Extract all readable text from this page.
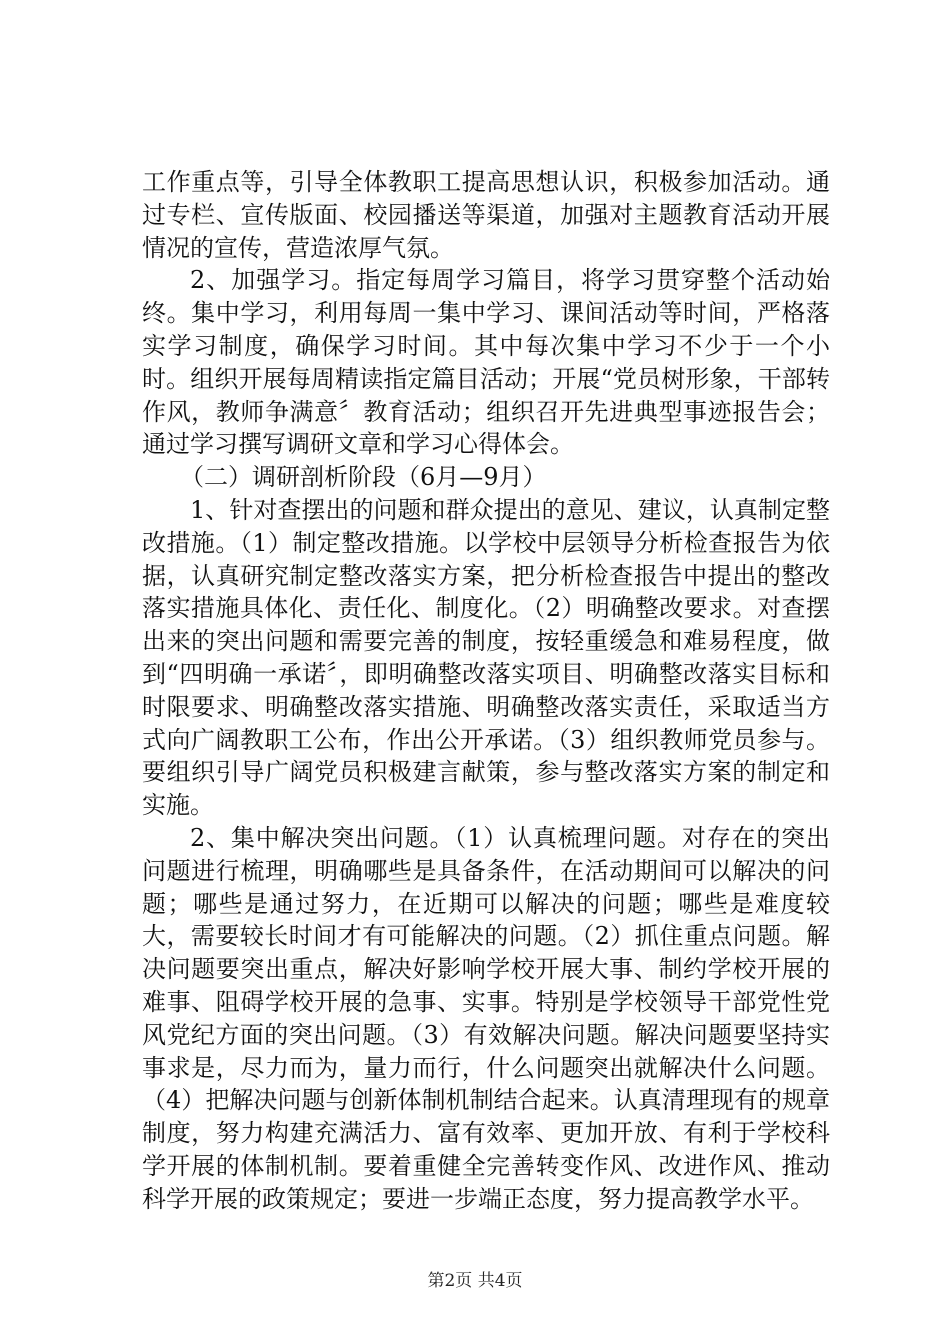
工作重点等，引导全体教职工提高思想认识，积极参加活动。通过专栏、宣传版面、校园播送等渠道，加强对主题教育活动开展情况的宣传，营造浓厚气氛。

2、加强学习。指定每周学习篇目，将学习贯穿整个活动始终。集中学习，利用每周一集中学习、课间活动等时间，严格落实学习制度，确保学习时间。其中每次集中学习不少于一个小时。组织开展每周精读指定篇目活动；开展“党员树形象，干部转作风，教师争满意〞教育活动；组织召开先进典型事迹报告会；通过学习撰写调研文章和学习心得体会。

（二）调研剖析阶段（6月—9月）

1、针对查摆出的问题和群众提出的意见、建议，认真制定整改措施。（1）制定整改措施。以学校中层领导分析检查报告为依据，认真研究制定整改落实方案，把分析检查报告中提出的整改落实措施具体化、责任化、制度化。（2）明确整改要求。对查摆出来的突出问题和需要完善的制度，按轻重缓急和难易程度，做到“四明确一承诺〞，即明确整改落实项目、明确整改落实目标和时限要求、明确整改落实措施、明确整改落实责任，采取适当方式向广阔教职工公布，作出公开承诺。（3）组织教师党员参与。要组织引导广阔党员积极建言献策，参与整改落实方案的制定和实施。

2、集中解决突出问题。（1）认真梳理问题。对存在的突出问题进行梳理，明确哪些是具备条件，在活动期间可以解决的问题；哪些是通过努力，在近期可以解决的问题；哪些是难度较大，需要较长时间才有可能解决的问题。（2）抓住重点问题。解决问题要突出重点，解决好影响学校开展大事、制约学校开展的难事、阻碍学校开展的急事、实事。特别是学校领导干部党性党风党纪方面的突出问题。（3）有效解决问题。解决问题要坚持实事求是，尽力而为，量力而行，什么问题突出就解决什么问题。（4）把解决问题与创新体制机制结合起来。认真清理现有的规章制度，努力构建充满活力、富有效率、更加开放、有利于学校科学开展的体制机制。要着重健全完善转变作风、改进作风、推动科学开展的政策规定；要进一步端正态度，努力提高教学水平。

第2页 共4页
